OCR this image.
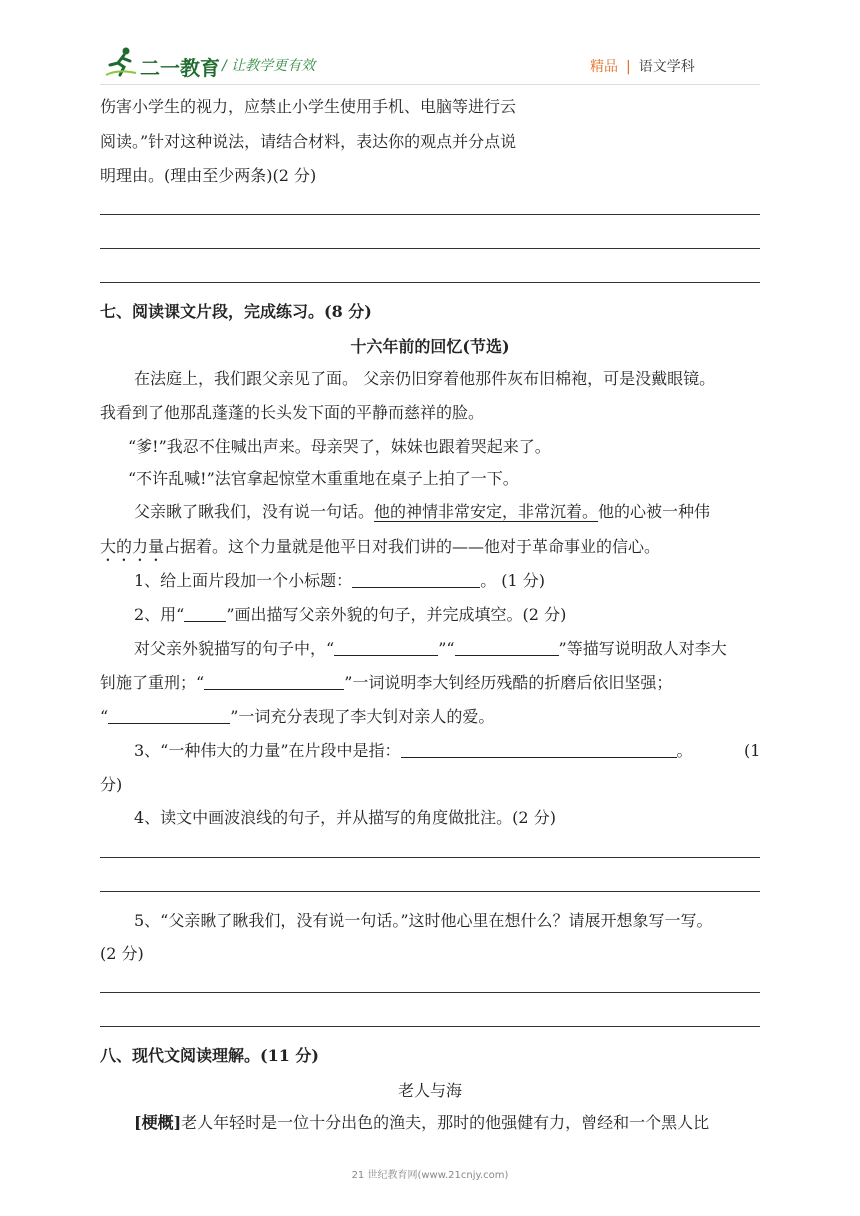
二一教育 / 让教学更有效	精品 | 语文学科
伤害小学生的视力，应禁止小学生使用手机、电脑等进行云
阅读。”针对这种说法，请结合材料，表达你的观点并分点说
明理由。(理由至少两条)(2 分)
七、阅读课文片段，完成练习。(8 分)
十六年前的回忆(节选)
在法庭上，我们跟父亲见了面。 父亲仍旧穿着他那件灰布旧棉袍，可是没戴眼镜。
我看到了他那乱蓬蓬的长头发下面的平静而慈祥的脸。
“爹!”我忍不住喊出声来。母亲哭了，妹妹也跟着哭起来了。
“不许乱喊!”法官拿起惊堂木重重地在桌子上拍了一下。
父亲瞅了瞅我们，没有说一句话。他的神情非常安定，非常沉着。他的心被一种伟
大的力量占据着。这个力量就是他平日对我们讲的——他对于革命事业的信心。
1、给上面片段加一个小标题：	。 (1 分)
2、用“	”画出描写父亲外貌的句子，并完成填空。(2 分)
对父亲外貌描写的句子中，“	”“	”等描写说明敌人对李大
钊施了重刑；“	”一词说明李大钊经历残酷的折磨后依旧坚强；
“	”一词充分表现了李大钊对亲人的爱。
3、“一种伟大的力量”在片段中是指：	。	(1
分)
4、读文中画波浪线的句子，并从描写的角度做批注。(2 分)
5、“父亲瞅了瞅我们，没有说一句话。”这时他心里在想什么？请展开想象写一写。
(2 分)
八、现代文阅读理解。(11 分)
老人与海
[梗概]老人年轻时是一位十分出色的渔夫，那时的他强健有力，曾经和一个黑人比
21 世纪教育网(www.21cnjy.com)
